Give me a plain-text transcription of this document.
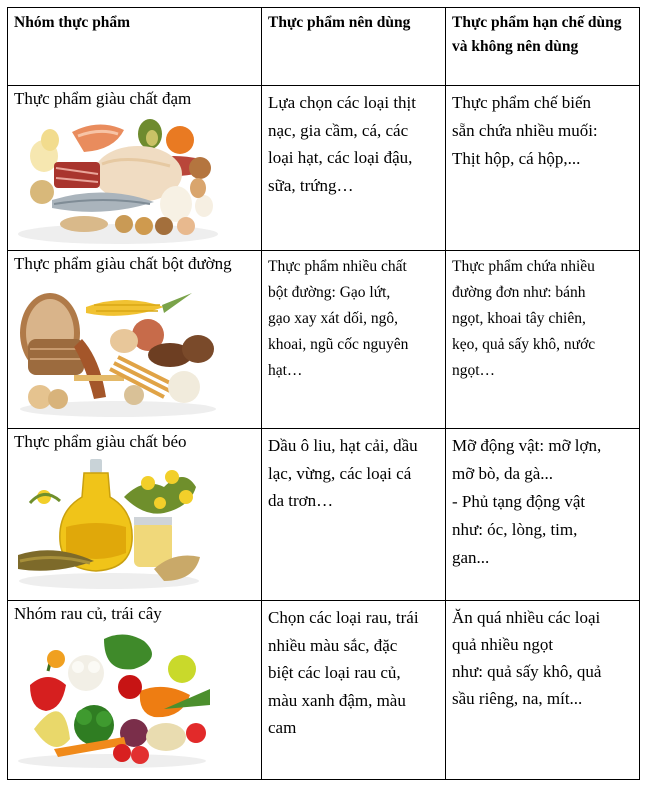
Nhóm thực phẩm	Thực phẩm nên dùng	Thực phẩm hạn chế dùng và không nên dùng

Thực phẩm giàu chất đạm	Lựa chọn các loại thịt
nạc, gia cầm, cá, các
loại hạt, các loại đậu,
sữa, trứng…	Thực phẩm chế biến
sẵn chứa nhiều muối:
Thịt hộp, cá hộp,...

Thực phẩm giàu chất bột đường	Thực phẩm nhiều chất
bột đường: Gạo lứt,
gạo xay xát dối, ngô,
khoai, ngũ cốc nguyên
hạt…	Thực phẩm chứa nhiều
đường đơn như: bánh
ngọt, khoai tây chiên,
kẹo, quả sấy khô, nước
ngọt…

Thực phẩm giàu chất béo	Dầu ô liu, hạt cải, dầu
lạc, vừng, các loại cá
da trơn…	Mỡ động vật: mỡ lợn,
mỡ bò, da gà...
- Phủ tạng động vật
như: óc, lòng, tim,
gan...

Nhóm rau củ, trái cây	Chọn các loại rau, trái
nhiều màu sắc, đặc
biệt các loại rau củ,
màu xanh đậm, màu
cam	Ăn quá nhiều các loại
quả nhiều ngọt
như: quả sấy khô, quả
sầu riêng, na, mít...
